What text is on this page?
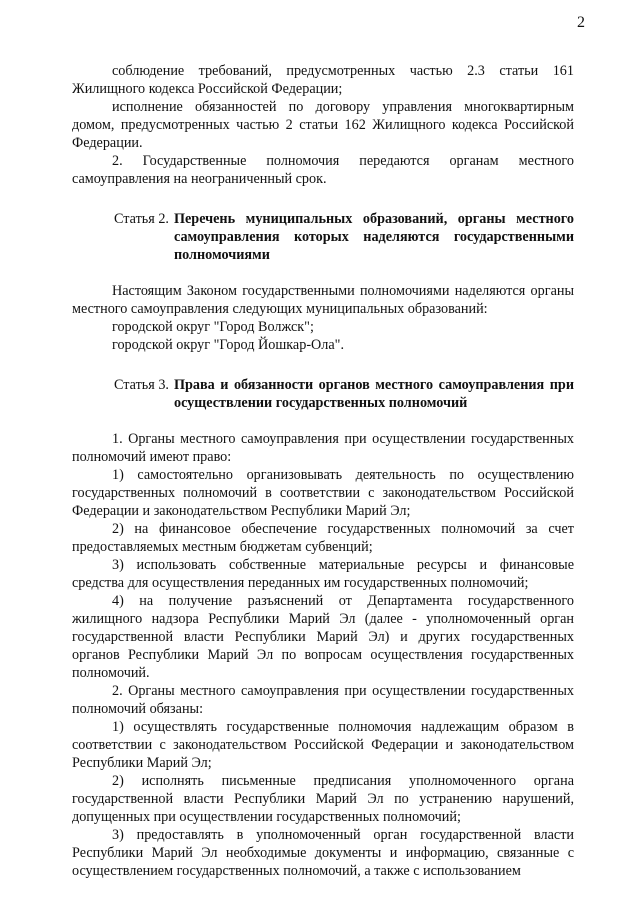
2

соблюдение требований, предусмотренных частью 2.3 статьи 161 Жилищного кодекса Российской Федерации;

исполнение обязанностей по договору управления многоквартирным домом, предусмотренных частью 2 статьи 162 Жилищного кодекса Российской Федерации.

2. Государственные полномочия передаются органам местного самоуправления на неограниченный срок.

Статья 2. Перечень муниципальных образований, органы местного самоуправления которых наделяются государственными полномочиями

Настоящим Законом государственными полномочиями наделяются органы местного самоуправления следующих муниципальных образований:

городской округ "Город Волжск";

городской округ "Город Йошкар-Ола".

Статья 3. Права и обязанности органов местного самоуправления при осуществлении государственных полномочий

1. Органы местного самоуправления при осуществлении государственных полномочий имеют право:

1) самостоятельно организовывать деятельность по осуществлению государственных полномочий в соответствии с законодательством Российской Федерации и законодательством Республики Марий Эл;

2) на финансовое обеспечение государственных полномочий за счет предоставляемых местным бюджетам субвенций;

3) использовать собственные материальные ресурсы и финансовые средства для осуществления переданных им государственных полномочий;

4) на получение разъяснений от Департамента государственного жилищного надзора Республики Марий Эл (далее - уполномоченный орган государственной власти Республики Марий Эл) и других государственных органов Республики Марий Эл по вопросам осуществления государственных полномочий.

2. Органы местного самоуправления при осуществлении государственных полномочий обязаны:

1) осуществлять государственные полномочия надлежащим образом в соответствии с законодательством Российской Федерации и законодательством Республики Марий Эл;

2) исполнять письменные предписания уполномоченного органа государственной власти Республики Марий Эл по устранению нарушений, допущенных при осуществлении государственных полномочий;

3) предоставлять в уполномоченный орган государственной власти Республики Марий Эл необходимые документы и информацию, связанные с осуществлением государственных полномочий, а также с использованием
